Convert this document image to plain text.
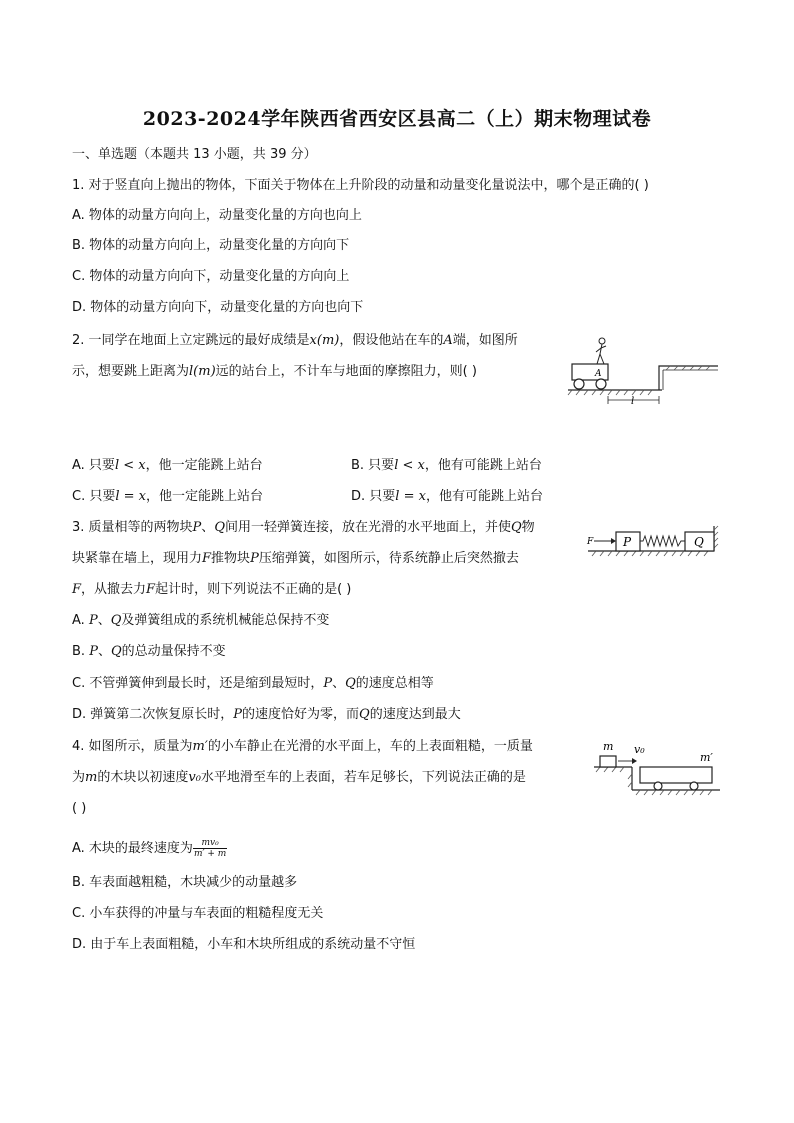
2023-2024学年陕西省西安区县高二（上）期末物理试卷
一、单选题（本题共 13 小题，共 39 分）
1. 对于竖直向上抛出的物体，下面关于物体在上升阶段的动量和动量变化量说法中，哪个是正确的( )
A. 物体的动量方向向上，动量变化量的方向也向上
B. 物体的动量方向向上，动量变化量的方向向下
C. 物体的动量方向向下，动量变化量的方向向上
D. 物体的动量方向向下，动量变化量的方向也向下
2. 一同学在地面上立定跳远的最好成绩是x(m)，假设他站在车的A端，如图所
示，想要跳上距离为l(m)远的站台上，不计车与地面的摩擦阻力，则( )	A
l
A. 只要l < x，他一定能跳上站台	B. 只要l < x，他有可能跳上站台
C. 只要l = x，他一定能跳上站台	D. 只要l = x，他有可能跳上站台
3. 质量相等的两物块P、Q间用一轻弹簧连接，放在光滑的水平地面上，并使Q物
块紧靠在墙上，现用力F推物块P压缩弹簧，如图所示，待系统静止后突然撤去
F，从撤去力F起计时，则下列说法不正确的是( )
F P	Q
A. P、Q及弹簧组成的系统机械能总保持不变
B. P、Q的总动量保持不变
C. 不管弹簧伸到最长时，还是缩到最短时，P、Q的速度总相等
D. 弹簧第二次恢复原长时，P的速度恰好为零，而Q的速度达到最大
4. 如图所示，质量为m′的小车静止在光滑的水平面上，车的上表面粗糙，一质量
为m的木块以初速度v₀水平地滑至车的上表面，若车足够长，下列说法正确的是
( )
m v₀
m′
A. 木块的最终速度为 $\frac{\text{mv₀}}{m' + m}$
B. 车表面越粗糙，木块减少的动量越多
C. 小车获得的冲量与车表面的粗糙程度无关
D. 由于车上表面粗糙，小车和木块所组成的系统动量不守恒
